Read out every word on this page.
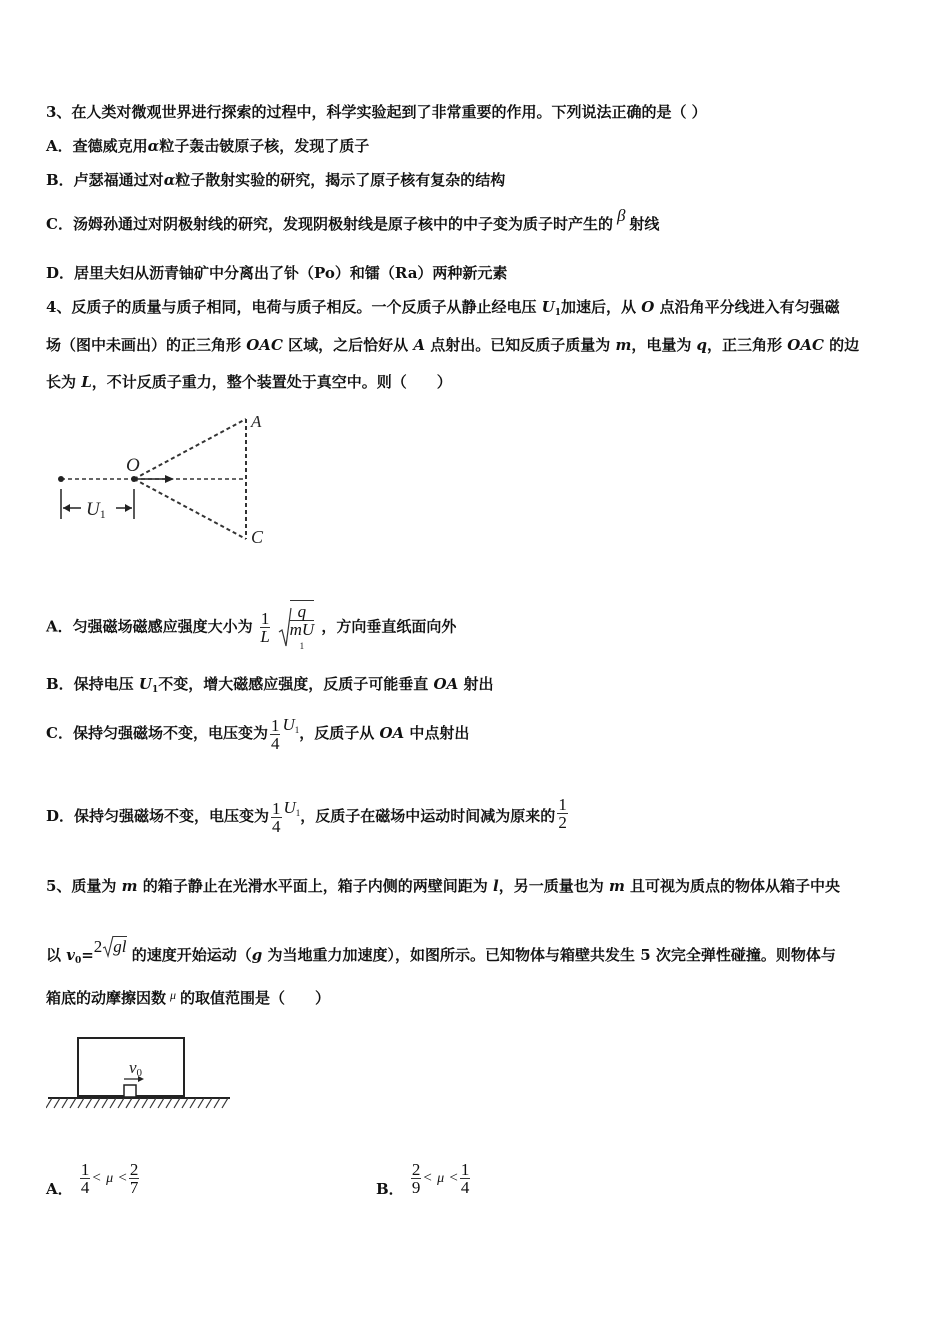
3、在人类对微观世界进行探索的过程中，科学实验起到了非常重要的作用。下列说法正确的是（ ）
A．查德威克用α粒子轰击铍原子核，发现了质子
B．卢瑟福通过对α粒子散射实验的研究，揭示了原子核有复杂的结构
C．汤姆孙通过对阴极射线的研究，发现阴极射线是原子核中的中子变为质子时产生的 β 射线
D．居里夫妇从沥青铀矿中分离出了钋（Po）和镭（Ra）两种新元素
4、反质子的质量与质子相同，电荷与质子相反。一个反质子从静止经电压 $U_1$加速后，从 O 点沿角平分线进入有匀强磁
场（图中未画出）的正三角形 OAC 区域，之后恰好从 A 点射出。已知反质子质量为 m，电量为 q，正三角形 OAC 的边
长为 L，不计反质子重力，整个装置处于真空中。则（　　）
U1
O
A
C
A．匀强磁场磁感应强度大小为 $\frac{1}{L}$
q
mU
1 ，方向垂直纸面向外
B．保持电压 $U_1$不变，增大磁感应强度，反质子可能垂直 OA 射出
C．保持匀强磁场不变，电压变为 $\frac{1}{4} U_1$，反质子从 OA 中点射出
D．保持匀强磁场不变，电压变为 $\frac{1}{4} U_1$，反质子在磁场中运动时间减为原来的 $\frac{1}{2}$
5、质量为 m 的箱子静止在光滑水平面上，箱子内侧的两壁间距为 l，另一质量也为 m 且可视为质点的物体从箱子中央
以 $v_0=2$ gl 的速度开始运动（g 为当地重力加速度），如图所示。已知物体与箱壁共发生 5 次完全弹性碰撞。则物体与
箱底的动摩擦因数 $^\mu$ 的取值范围是（　　）
v0
A． $\frac{1}{4} < \mu < \frac{2}{7}$	B． $\frac{2}{9} < \mu < \frac{1}{4}$
